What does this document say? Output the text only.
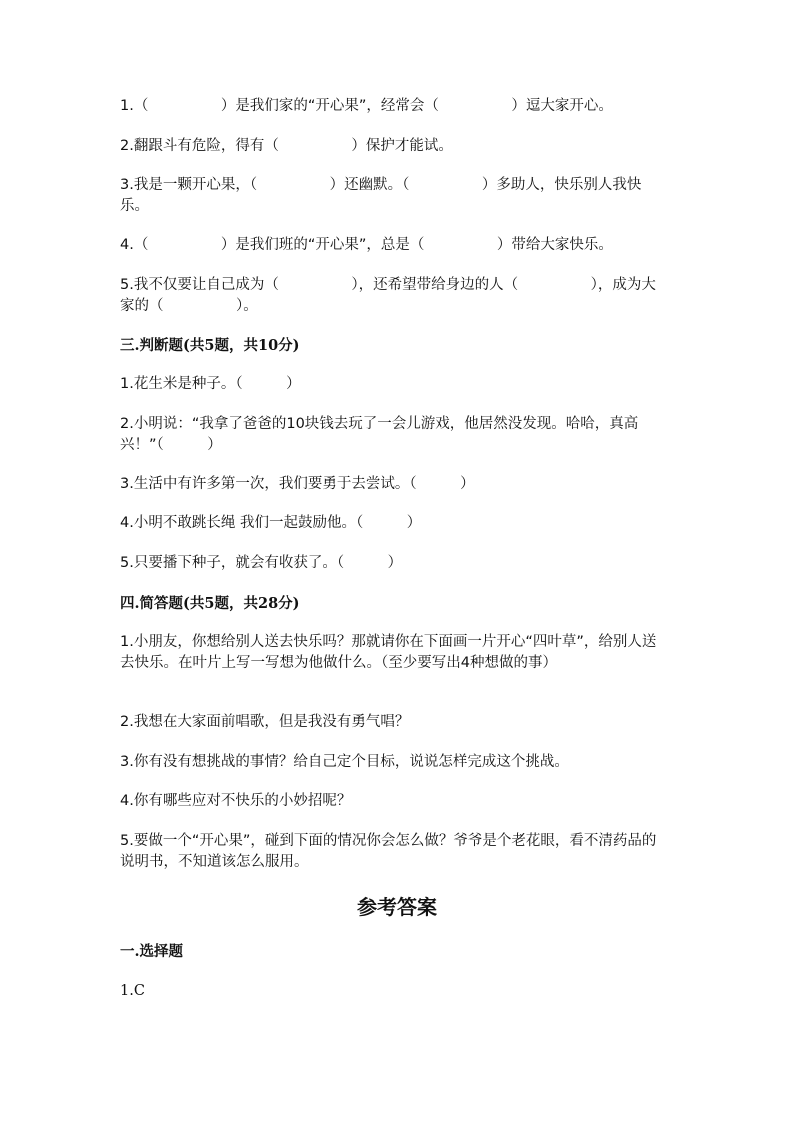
1.（　　　　　）是我们家的“开心果”，经常会（　　　　　）逗大家开心。

2.翻跟斗有危险，得有（　　　　　）保护才能试。

3.我是一颗开心果，（　　　　　）还幽默。（　　　　　）多助人，快乐别人我快乐。

4.（　　　　　）是我们班的“开心果”，总是（　　　　　）带给大家快乐。

5.我不仅要让自己成为（　　　　　），还希望带给身边的人（　　　　　），成为大家的（　　　　　）。

三.判断题(共5题，共10分)

1.花生米是种子。（　　　）

2.小明说：“我拿了爸爸的10块钱去玩了一会儿游戏，他居然没发现。哈哈，真高兴！”（　　　）

3.生活中有许多第一次，我们要勇于去尝试。（　　　）

4.小明不敢跳长绳 我们一起鼓励他。（　　　）

5.只要播下种子，就会有收获了。（　　　）

四.简答题(共5题，共28分)

1.小朋友，你想给别人送去快乐吗？那就请你在下面画一片开心“四叶草”，给别人送去快乐。在叶片上写一写想为他做什么。（至少要写出4种想做的事）

2.我想在大家面前唱歌，但是我没有勇气唱？

3.你有没有想挑战的事情？给自己定个目标，说说怎样完成这个挑战。

4.你有哪些应对不快乐的小妙招呢？

5.要做一个“开心果”，碰到下面的情况你会怎么做？爷爷是个老花眼，看不清药品的说明书，不知道该怎么服用。

参考答案

一.选择题

1.C
